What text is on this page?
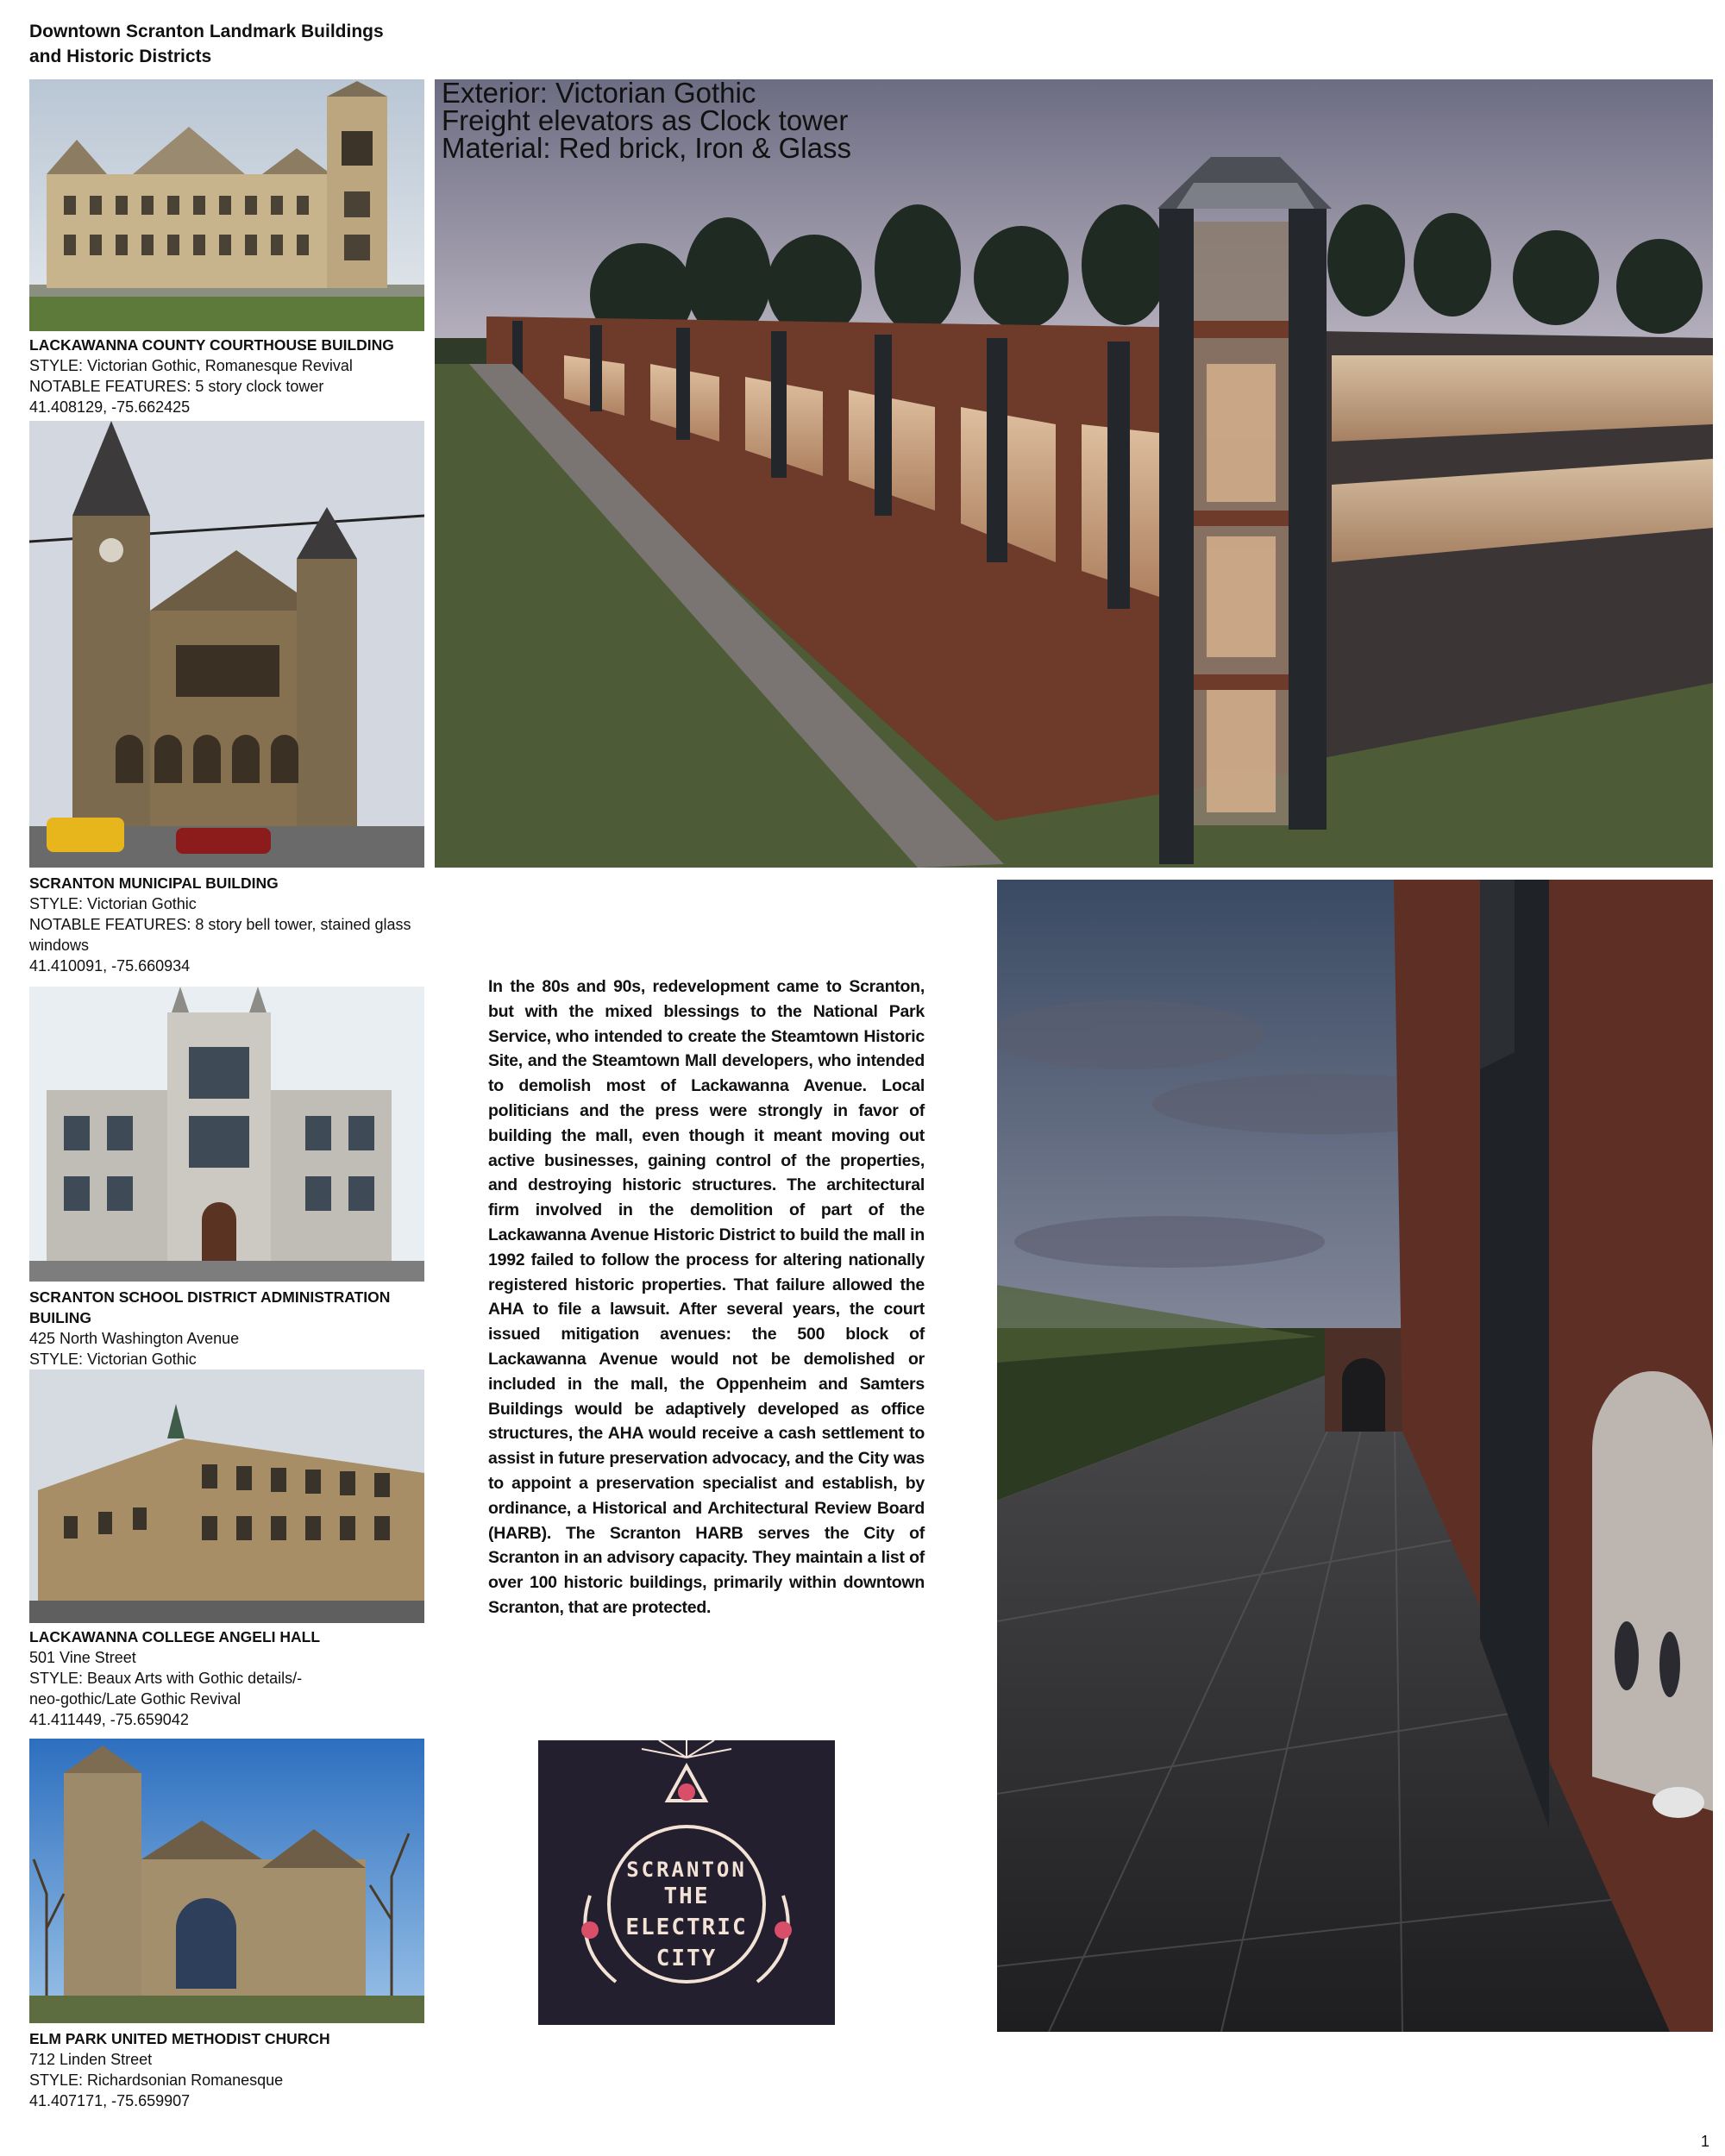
Downtown Scranton Landmark Buildings
and Historic Districts
LACKAWANNA COUNTY COURTHOUSE BUILDING
STYLE: Victorian Gothic, Romanesque Revival
NOTABLE FEATURES: 5 story clock tower
41.408129, -75.662425
SCRANTON MUNICIPAL BUILDING
STYLE: Victorian Gothic
NOTABLE FEATURES: 8 story bell tower, stained glass
windows
41.410091, -75.660934
SCRANTON SCHOOL DISTRICT ADMINISTRATION BUILING
425 North Washington Avenue
STYLE: Victorian Gothic
LACKAWANNA COLLEGE ANGELI HALL
501 Vine Street
STYLE: Beaux Arts with Gothic details/-
neo-gothic/Late Gothic Revival
41.411449, -75.659042
ELM PARK UNITED METHODIST CHURCH
712 Linden Street
STYLE: Richardsonian Romanesque
41.407171, -75.659907
Exterior: Victorian Gothic
Freight elevators as Clock tower
Material: Red brick, Iron & Glass
In the 80s and 90s, redevelopment came to Scranton, but with the mixed blessings to the National Park Service, who intended to create the Steamtown Historic Site, and the Steamtown Mall developers, who intended to demolish most of Lackawanna Avenue. Local politicians and the press were strongly in favor of building the mall, even though it meant moving out active businesses, gaining control of the properties, and destroying historic structures. The architectural firm involved in the demolition of part of the Lackawanna Avenue Historic District to build the mall in 1992 failed to follow the process for altering nationally registered historic properties. That failure allowed the AHA to file a lawsuit. After several years, the court issued mitigation avenues: the 500 block of Lackawanna Avenue would not be demolished or included in the mall, the Oppenheim and Samters Buildings would be adaptively developed as office structures, the AHA would receive a cash settlement to assist in future preservation advocacy, and the City was to appoint a preservation specialist and establish, by ordinance, a Historical and Architectural Review Board (HARB). The Scranton HARB serves the City of Scranton in an advisory capacity. They maintain a list of over 100 historic buildings, primarily within downtown Scranton, that are protected.
SCRANTON
THE
ELECTRIC
CITY
1
